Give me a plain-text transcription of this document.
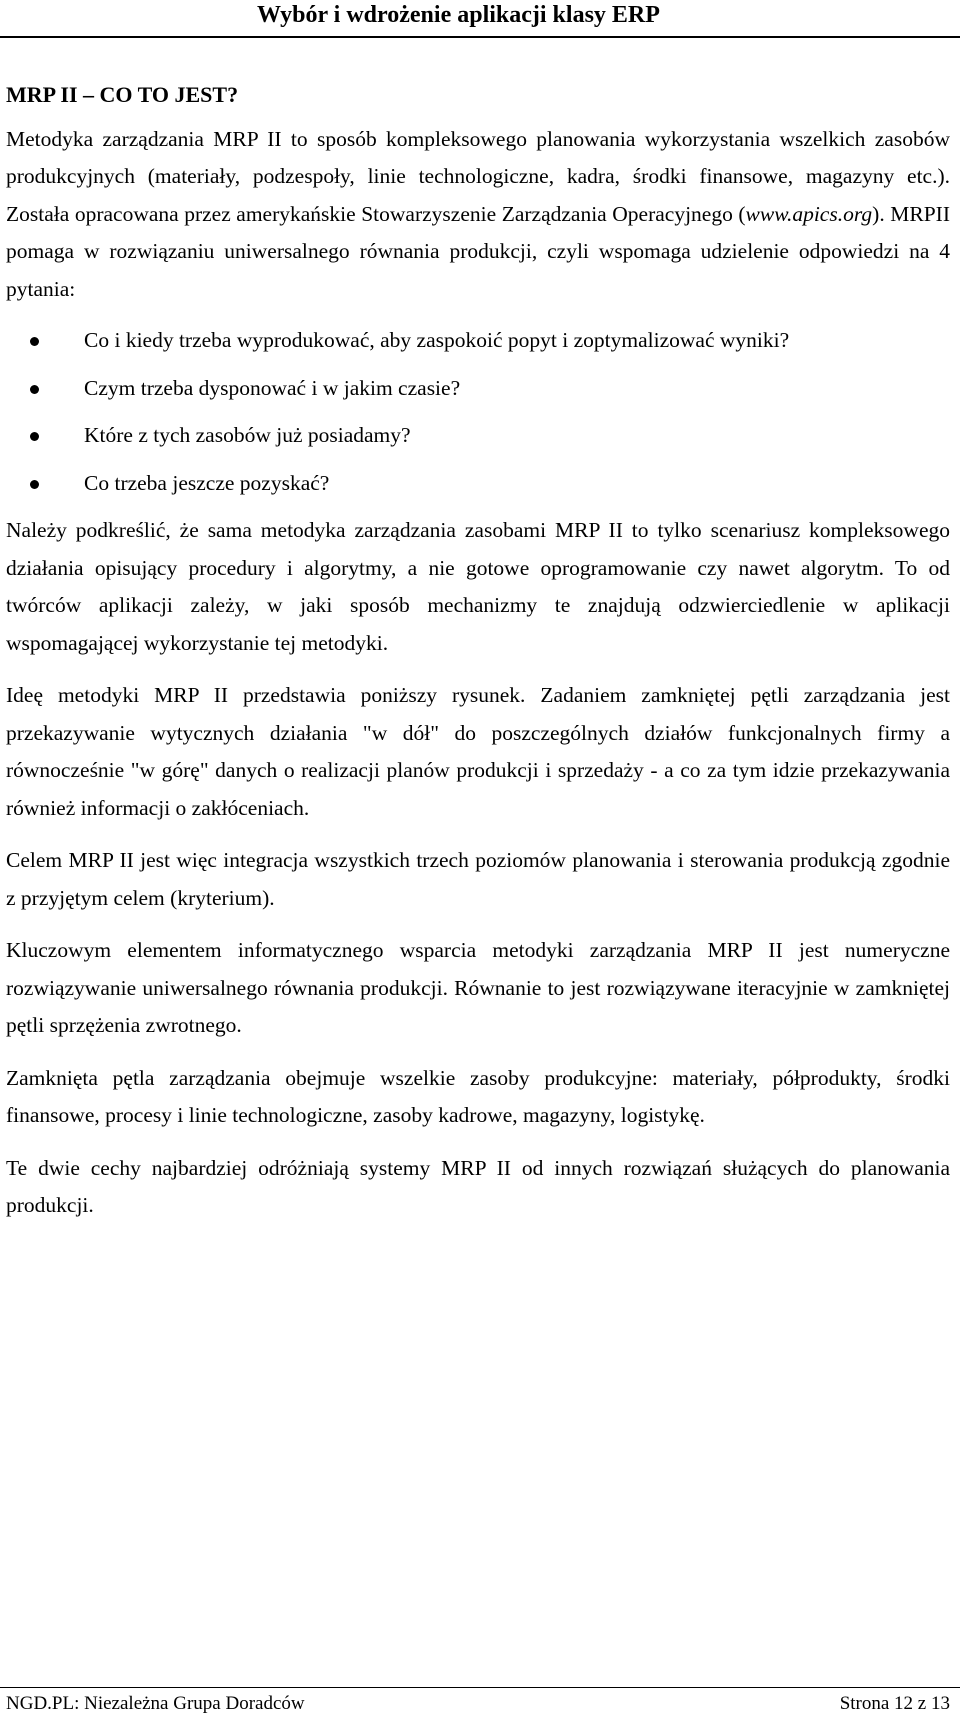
Wybór i wdrożenie aplikacji klasy ERP

MRP II – CO TO JEST?

Metodyka zarządzania MRP II to sposób kompleksowego planowania wykorzystania wszelkich zasobów produkcyjnych (materiały, podzespoły, linie technologiczne, kadra, środki finansowe, magazyny etc.). Została opracowana przez amerykańskie Stowarzyszenie Zarządzania Operacyjnego (www.apics.org). MRPII pomaga w rozwiązaniu uniwersalnego równania produkcji, czyli wspomaga udzielenie odpowiedzi na 4 pytania:

Co i kiedy trzeba wyprodukować, aby zaspokoić popyt i zoptymalizować wyniki?
Czym trzeba dysponować i w jakim czasie?
Które z tych zasobów już posiadamy?
Co trzeba jeszcze pozyskać?

Należy podkreślić, że sama metodyka zarządzania zasobami MRP II to tylko scenariusz kompleksowego działania opisujący procedury i algorytmy, a nie gotowe oprogramowanie czy nawet algorytm. To od twórców aplikacji zależy, w jaki sposób mechanizmy te znajdują odzwierciedlenie w aplikacji wspomagającej wykorzystanie tej metodyki.

Ideę metodyki MRP II przedstawia poniższy rysunek. Zadaniem zamkniętej pętli zarządzania jest przekazywanie wytycznych działania "w dół" do poszczególnych działów funkcjonalnych firmy a równocześnie "w górę" danych o realizacji planów produkcji i sprzedaży - a co za tym idzie przekazywania również informacji o zakłóceniach.

Celem MRP II jest więc integracja wszystkich trzech poziomów planowania i sterowania produkcją zgodnie z przyjętym celem (kryterium).

Kluczowym elementem informatycznego wsparcia metodyki zarządzania MRP II jest numeryczne rozwiązywanie uniwersalnego równania produkcji. Równanie to jest rozwiązywane iteracyjnie w zamkniętej pętli sprzężenia zwrotnego.

Zamknięta pętla zarządzania obejmuje wszelkie zasoby produkcyjne: materiały, półprodukty, środki finansowe, procesy i linie technologiczne, zasoby kadrowe, magazyny, logistykę.

Te dwie cechy najbardziej odróżniają systemy MRP II od innych rozwiązań służących do planowania produkcji.

NGD.PL: Niezależna Grupa Doradców	Strona 12 z 13
